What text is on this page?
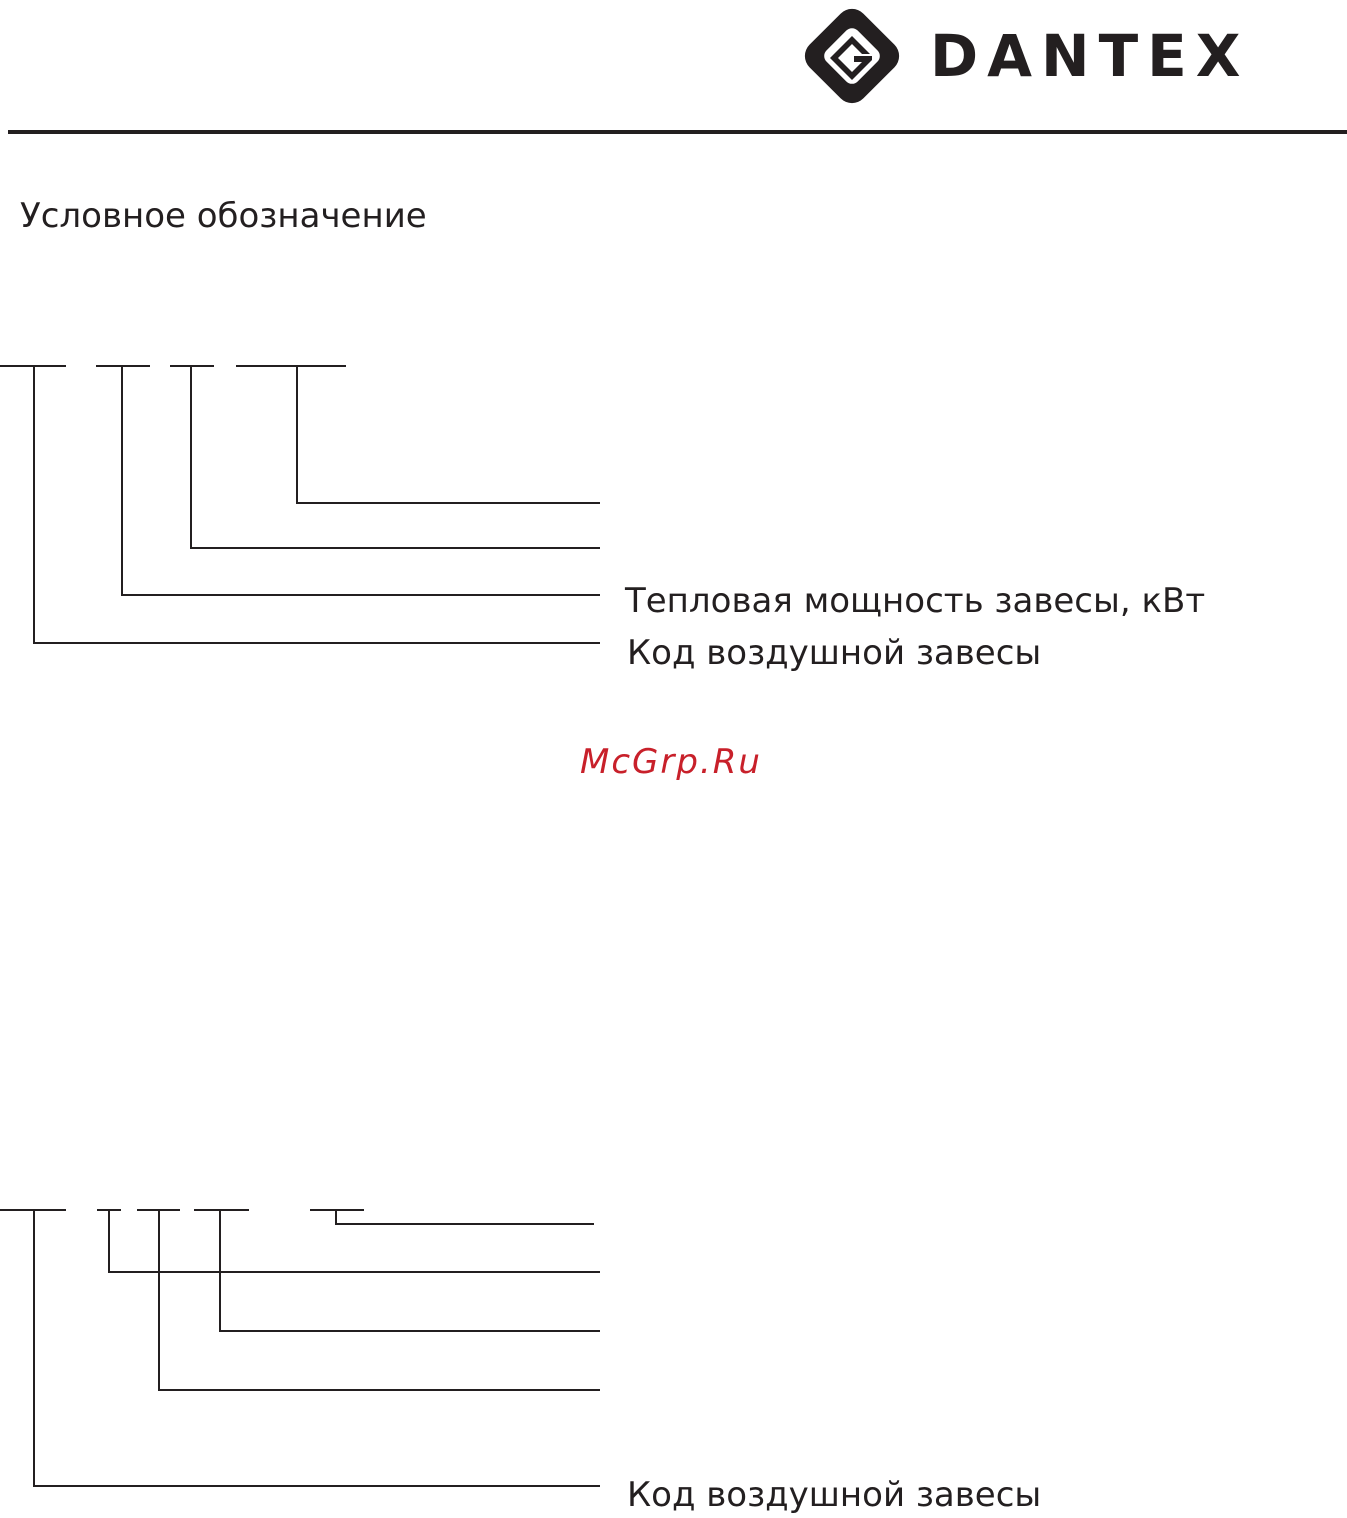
DANTEX
Условное обозначение
Тепловая мощность завесы, кВт
Код воздушной завесы
McGrp.Ru
Код воздушной завесы
